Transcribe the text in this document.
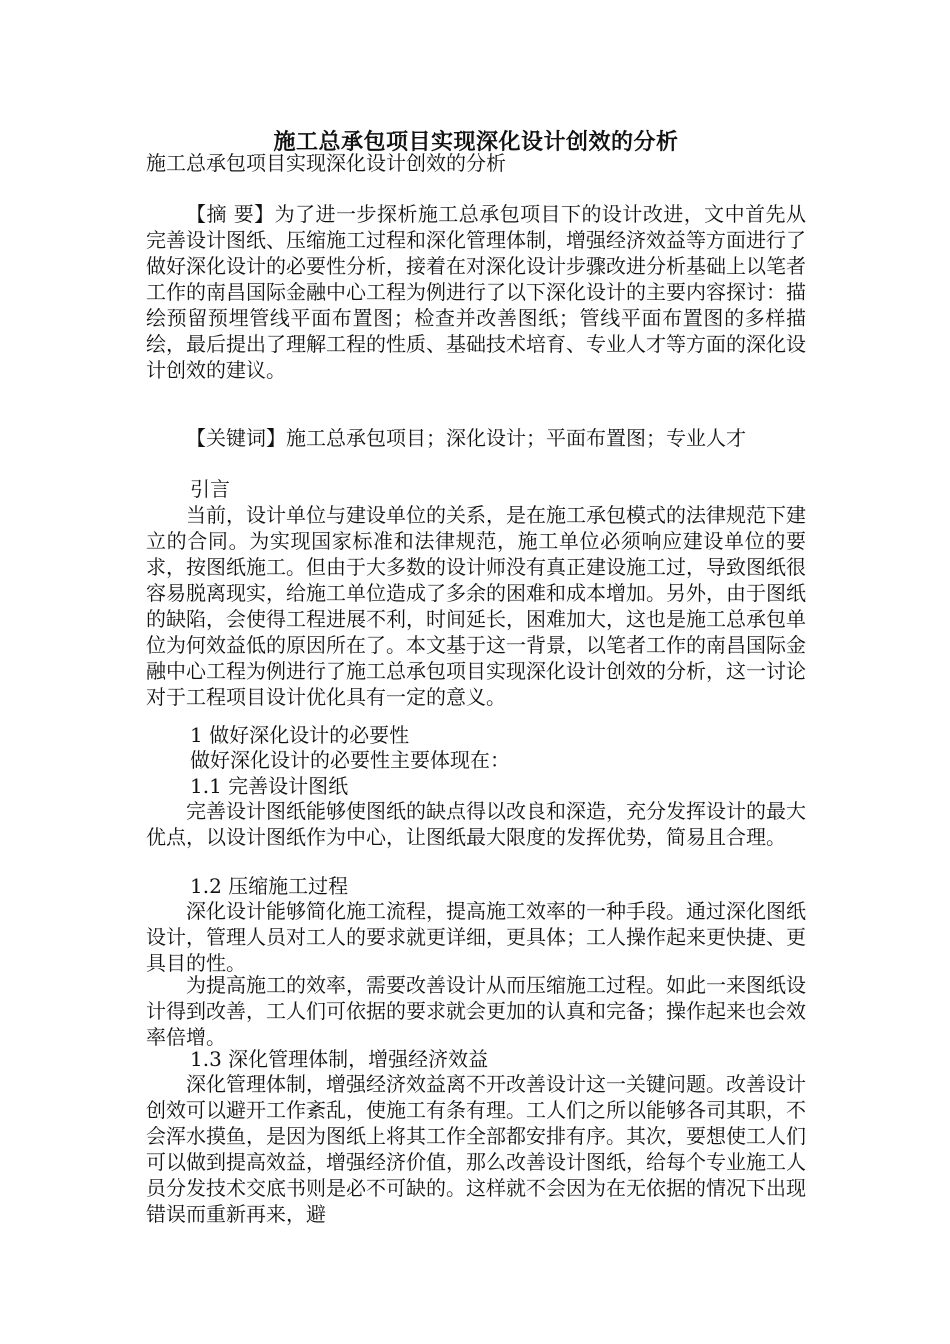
施工总承包项目实现深化设计创效的分析
施工总承包项目实现深化设计创效的分析
【摘 要】为了进一步探析施工总承包项目下的设计改进，文中首先从完善设计图纸、压缩施工过程和深化管理体制，增强经济效益等方面进行了做好深化设计的必要性分析，接着在对深化设计步骤改进分析基础上以笔者工作的南昌国际金融中心工程为例进行了以下深化设计的主要内容探讨：描绘预留预埋管线平面布置图；检查并改善图纸；管线平面布置图的多样描绘，最后提出了理解工程的性质、基础技术培育、专业人才等方面的深化设计创效的建议。
【关键词】施工总承包项目；深化设计；平面布置图；专业人才
引言
当前，设计单位与建设单位的关系，是在施工承包模式的法律规范下建立的合同。为实现国家标准和法律规范，施工单位必须响应建设单位的要求，按图纸施工。但由于大多数的设计师没有真正建设施工过，导致图纸很容易脱离现实，给施工单位造成了多余的困难和成本增加。另外，由于图纸的缺陷，会使得工程进展不利，时间延长，困难加大，这也是施工总承包单位为何效益低的原因所在了。本文基于这一背景，以笔者工作的南昌国际金融中心工程为例进行了施工总承包项目实现深化设计创效的分析，这一讨论对于工程项目设计优化具有一定的意义。
1 做好深化设计的必要性
做好深化设计的必要性主要体现在：
1.1 完善设计图纸
完善设计图纸能够使图纸的缺点得以改良和深造，充分发挥设计的最大优点，以设计图纸作为中心，让图纸最大限度的发挥优势，简易且合理。
1.2 压缩施工过程
深化设计能够简化施工流程，提高施工效率的一种手段。通过深化图纸设计，管理人员对工人的要求就更详细，更具体；工人操作起来更快捷、更具目的性。
为提高施工的效率，需要改善设计从而压缩施工过程。如此一来图纸设计得到改善，工人们可依据的要求就会更加的认真和完备；操作起来也会效率倍增。
1.3 深化管理体制，增强经济效益
深化管理体制，增强经济效益离不开改善设计这一关键问题。改善设计创效可以避开工作紊乱，使施工有条有理。工人们之所以能够各司其职，不会浑水摸鱼，是因为图纸上将其工作全部都安排有序。其次，要想使工人们可以做到提高效益，增强经济价值，那么改善设计图纸，给每个专业施工人员分发技术交底书则是必不可缺的。这样就不会因为在无依据的情况下出现错误而重新再来，避
